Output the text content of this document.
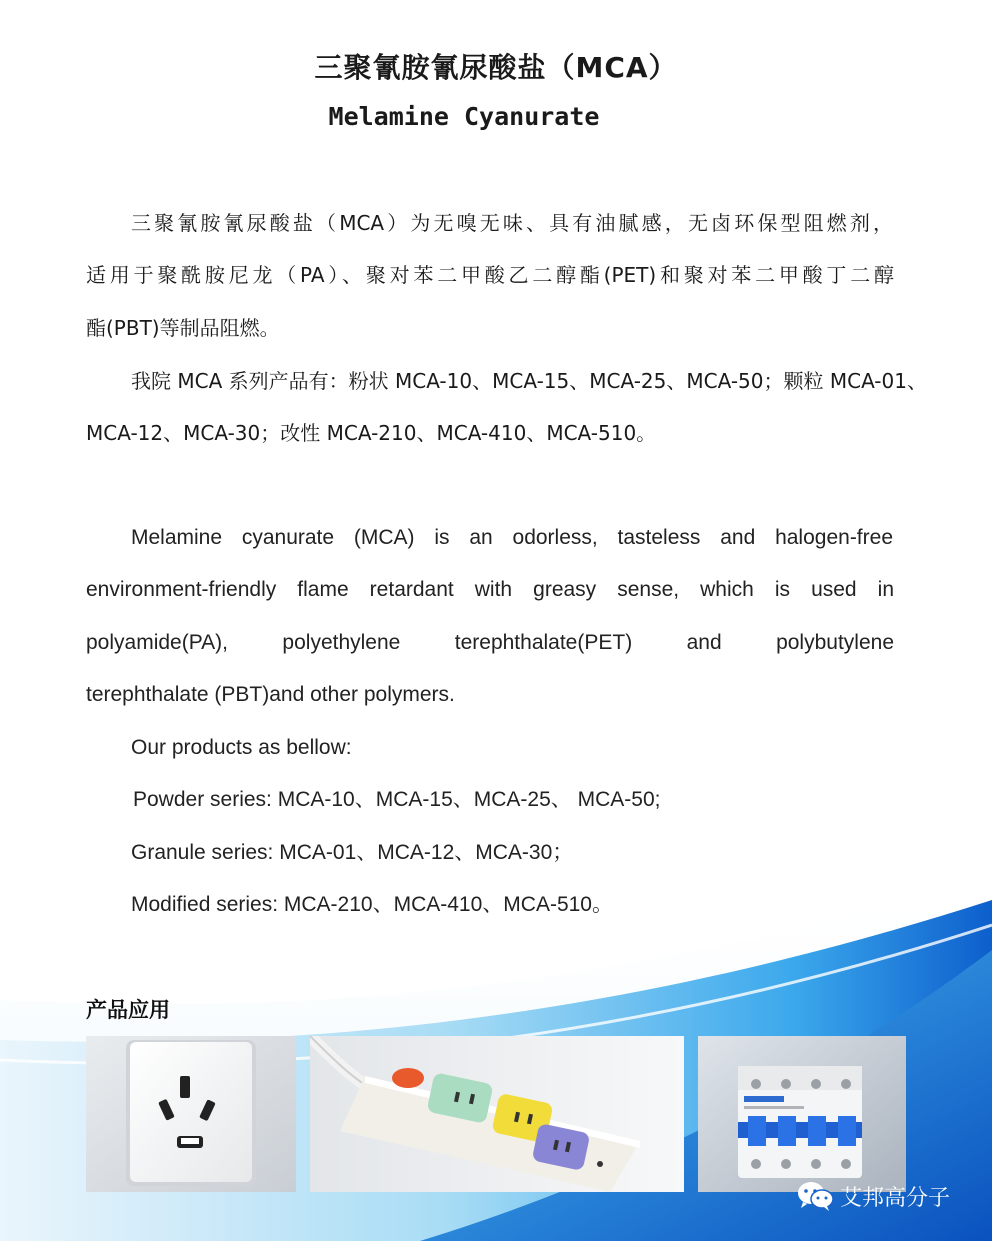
三聚氰胺氰尿酸盐（MCA）
Melamine Cyanurate
三聚氰胺氰尿酸盐（MCA）为无嗅无味、具有油腻感，无卤环保型阻燃剂，
适用于聚酰胺尼龙（PA）、聚对苯二甲酸乙二醇酯(PET)和聚对苯二甲酸丁二醇
酯(PBT)等制品阻燃。
我院 MCA 系列产品有：粉状 MCA-10、MCA-15、MCA-25、MCA-50；颗粒 MCA-01、
MCA-12、MCA-30；改性 MCA-210、MCA-410、MCA-510。
Melamine cyanurate (MCA) is an odorless, tasteless and halogen-free
environment-friendly flame retardant with greasy sense, which is used in
polyamide(PA), polyethylene terephthalate(PET) and polybutylene
terephthalate (PBT)and other polymers.
Our products as bellow:
Powder series: MCA-10、MCA-15、MCA-25、 MCA-50;
Granule series: MCA-01、MCA-12、MCA-30；
Modified series: MCA-210、MCA-410、MCA-510。
产品应用
艾邦高分子
